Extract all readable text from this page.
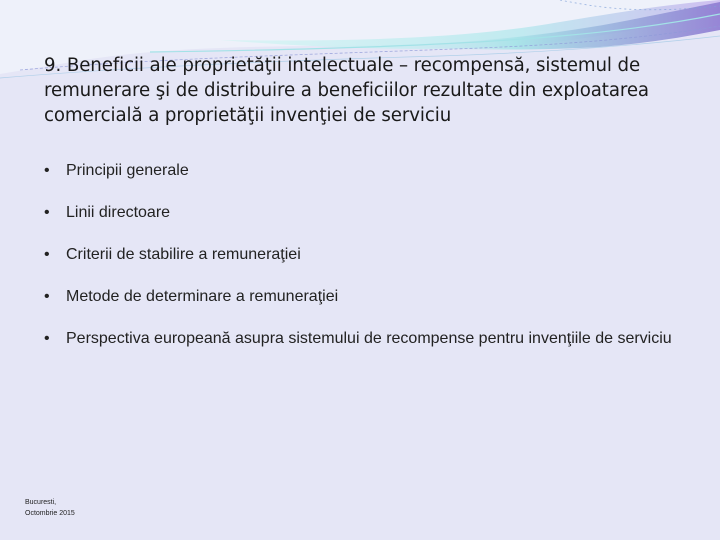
9. Beneficii ale proprietăţii intelectuale – recompensă, sistemul de remunerare şi de distribuire a beneficiilor rezultate din exploatarea comercială a proprietăţii invenţiei de serviciu
• Principii generale
• Linii directoare
• Criterii de stabilire a remuneraţiei
• Metode de determinare a remuneraţiei
• Perspectiva europeană asupra sistemului de recompense pentru invenţiile de serviciu

Bucuresti,
Octombrie 2015
